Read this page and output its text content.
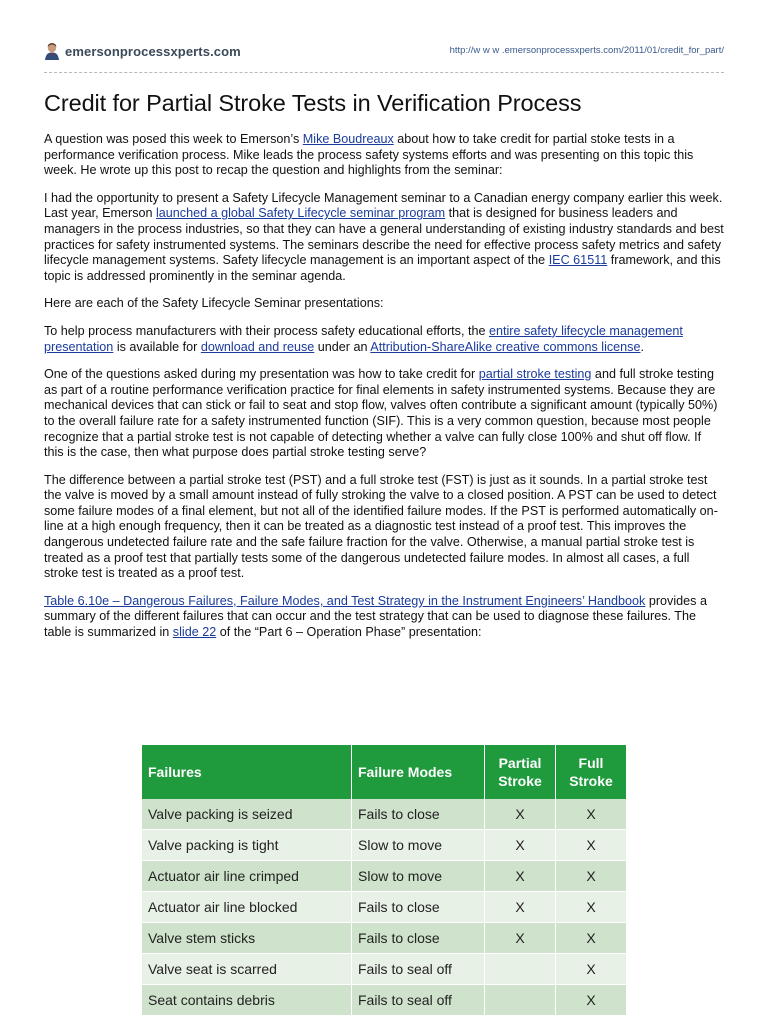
emersonprocessxperts.com	http://w w w .emersonprocessxperts.com/2011/01/credit_for_part/
Credit for Partial Stroke Tests in Verification Process

A question was posed this week to Emerson’s Mike Boudreaux about how to take credit for partial stoke tests in a performance verification process. Mike leads the process safety systems efforts and was presenting on this topic this week. He wrote up this post to recap the question and highlights from the seminar:

I had the opportunity to present a Safety Lifecycle Management seminar to a Canadian energy company earlier this week. Last year, Emerson launched a global Safety Lifecycle seminar program that is designed for business leaders and managers in the process industries, so that they can have a general understanding of existing industry standards and best practices for safety instrumented systems. The seminars describe the need for effective process safety metrics and safety lifecycle management systems. Safety lifecycle management is an important aspect of the IEC 61511 framework, and this topic is addressed prominently in the seminar agenda.

Here are each of the Safety Lifecycle Seminar presentations:

To help process manufacturers with their process safety educational efforts, the entire safety lifecycle management presentation is available for download and reuse under an Attribution-ShareAlike creative commons license.

One of the questions asked during my presentation was how to take credit for partial stroke testing and full stroke testing as part of a routine performance verification practice for final elements in safety instrumented systems. Because they are mechanical devices that can stick or fail to seat and stop flow, valves often contribute a significant amount (typically 50%) to the overall failure rate for a safety instrumented function (SIF). This is a very common question, because most people recognize that a partial stroke test is not capable of detecting whether a valve can fully close 100% and shut off flow. If this is the case, then what purpose does partial stroke testing serve?

The difference between a partial stroke test (PST) and a full stroke test (FST) is just as it sounds. In a partial stroke test the valve is moved by a small amount instead of fully stroking the valve to a closed position. A PST can be used to detect some failure modes of a final element, but not all of the identified failure modes. If the PST is performed automatically on-line at a high enough frequency, then it can be treated as a diagnostic test instead of a proof test. This improves the dangerous undetected failure rate and the safe failure fraction for the valve. Otherwise, a manual partial stroke test is treated as a proof test that partially tests some of the dangerous undetected failure modes. In almost all cases, a full stroke test is treated as a proof test.

Table 6.10e – Dangerous Failures, Failure Modes, and Test Strategy in the Instrument Engineers’ Handbook provides a summary of the different failures that can occur and the test strategy that can be used to diagnose these failures. The table is summarized in slide 22 of the “Part 6 – Operation Phase” presentation:

Failures	Failure Modes	Partial Stroke	Full Stroke
Valve packing is seized	Fails to close	X	X
Valve packing is tight	Slow to move	X	X
Actuator air line crimped	Slow to move	X	X
Actuator air line blocked	Fails to close	X	X
Valve stem sticks	Fails to close	X	X
Valve seat is scarred	Fails to seal off		X
Seat contains debris	Fails to seal off		X
